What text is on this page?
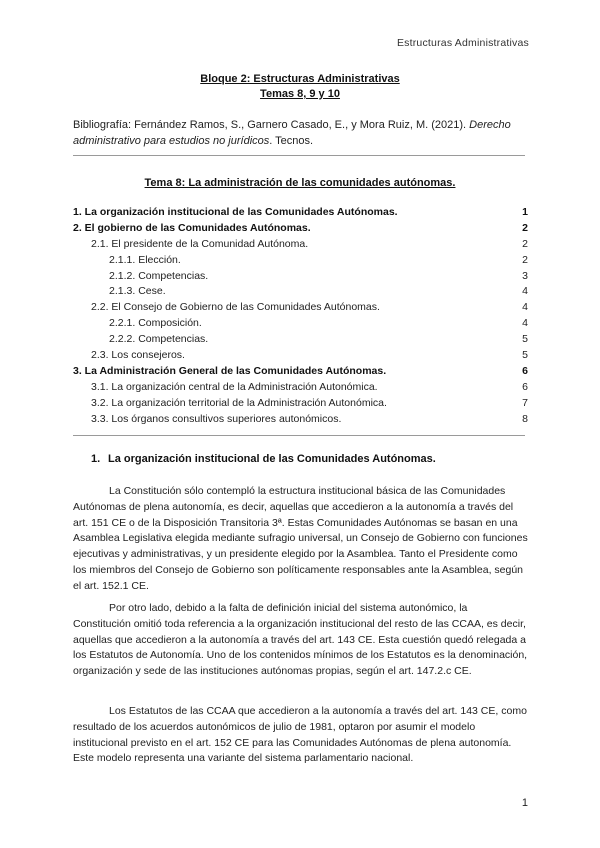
Estructuras Administrativas
Bloque 2: Estructuras Administrativas
Temas 8, 9 y 10
Bibliografía: Fernández Ramos, S., Garnero Casado, E., y Mora Ruiz, M. (2021). Derecho administrativo para estudios no jurídicos. Tecnos.
Tema 8: La administración de las comunidades autónomas.
1. La organización institucional de las Comunidades Autónomas.	1
2. El gobierno de las Comunidades Autónomas.	2
2.1. El presidente de la Comunidad Autónoma.	2
2.1.1. Elección.	2
2.1.2. Competencias.	3
2.1.3. Cese.	4
2.2. El Consejo de Gobierno de las Comunidades Autónomas.	4
2.2.1. Composición.	4
2.2.2. Competencias.	5
2.3. Los consejeros.	5
3. La Administración General de las Comunidades Autónomas.	6
3.1. La organización central de la Administración Autonómica.	6
3.2. La organización territorial de la Administración Autonómica.	7
3.3. Los órganos consultivos superiores autonómicos.	8
1. La organización institucional de las Comunidades Autónomas.

La Constitución sólo contempló la estructura institucional básica de las Comunidades Autónomas de plena autonomía, es decir, aquellas que accedieron a la autonomía a través del art. 151 CE o de la Disposición Transitoria 3ª. Estas Comunidades Autónomas se basan en una Asamblea Legislativa elegida mediante sufragio universal, un Consejo de Gobierno con funciones ejecutivas y administrativas, y un presidente elegido por la Asamblea. Tanto el Presidente como los miembros del Consejo de Gobierno son políticamente responsables ante la Asamblea, según el art. 152.1 CE.

Por otro lado, debido a la falta de definición inicial del sistema autonómico, la Constitución omitió toda referencia a la organización institucional del resto de las CCAA, es decir, aquellas que accedieron a la autonomía a través del art. 143 CE. Esta cuestión quedó relegada a los Estatutos de Autonomía. Uno de los contenidos mínimos de los Estatutos es la denominación, organización y sede de las instituciones autónomas propias, según el art. 147.2.c CE.

Los Estatutos de las CCAA que accedieron a la autonomía a través del art. 143 CE, como resultado de los acuerdos autonómicos de julio de 1981, optaron por asumir el modelo institucional previsto en el art. 152 CE para las Comunidades Autónomas de plena autonomía. Este modelo representa una variante del sistema parlamentario nacional.

1
